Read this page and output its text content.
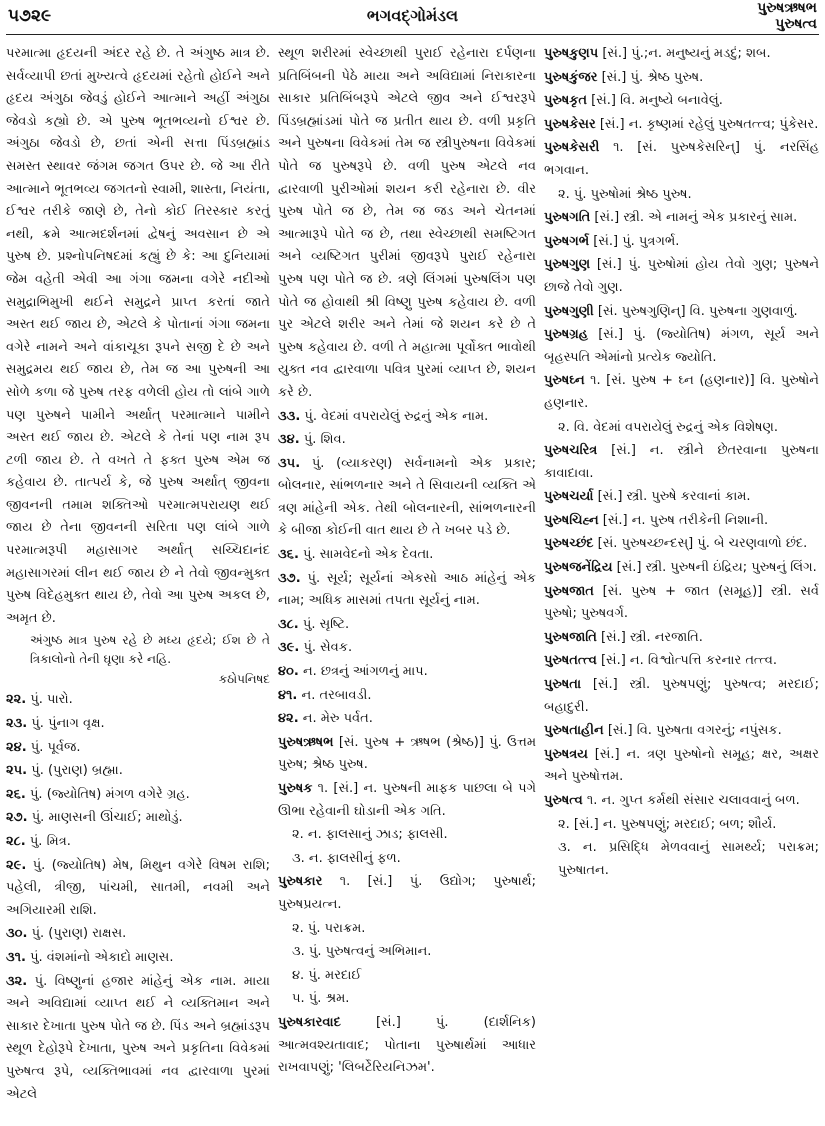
૫૭૨૯	ભગવદ્‌ગોમંડલ	પુરુષઋષભ
પુરુષત્વ
પરમાત્મા હૃદયની અંદર રહે છે. તે અંગુષ્ઠ માત્ર છે. સર્વવ્યાપી છતાં મુખ્યત્વે હૃદયમાં રહેતો હોઈને અને હૃદય અંગુઠા જેવડું હોઈને આત્માને અહીં અંગુઠા જેવડો કહ્યો છે. એ પુરુષ ભૂતભવ્યનો ઈશ્વર છે. અંગુઠા જેવડો છે, છતાં એની સત્તા પિંડબ્રહ્માંડ સમસ્ત સ્થાવર જંગમ જગત ઉપર છે. જે આ રીતે આત્માને ભૂતભવ્ય જગતનો સ્વામી, શાસ્તા, નિયંતા, ઈશ્વર તરીકે જાણે છે, તેનો કોઈ તિરસ્કાર કરતું નથી, ક્રમે આત્મદર્શનમાં દ્વેષનું અવસાન છે એ પુરુષ છે. પ્રશ્નોપનિષદમાં કહ્યું છે કે: આ દુનિયામાં જેમ વહેતી એવી આ ગંગા જમના વગેરે નદીઓ સમુદ્રાભિમુખી થઈને સમુદ્રને પ્રાપ્ત કરતાં જાતે અસ્ત થઈ જાય છે, એટલે કે પોતાનાં ગંગા જમના વગેરે નામને અને વાંકાચૂકા રૂપને સજી દે છે અને સમુદ્રમય થઈ જાય છે, તેમ જ આ પુરુષની આ સોળે કળા જે પુરુષ તરફ વળેલી હોય તો લાંબે ગાળે પણ પુરુષને પામીને અર્થાત્ પરમાત્માને પામીને અસ્ત થઈ જાય છે. એટલે કે તેનાં પણ નામ રૂપ ટળી જાય છે. તે વખતે તે ફક્ત પુરુષ એમ જ કહેવાય છે. તાત્પર્ય કે, જે પુરુષ અર્થાત્ જીવના જીવનની તમામ શક્તિઓ પરમાત્મપરાયણ થઈ જાય છે તેના જીવનની સરિતા પણ લાંબે ગાળે પરમાત્મરૂપી મહાસાગર અર્થાત્ સચ્ચિદાનંદ મહાસાગરમાં લીન થઈ જાય છે ને તેવો જીવન્મુક્ત પુરુષ વિદેહમુક્ત થાય છે, તેવો આ પુરુષ અકલ છે, અમૃત છે.
અંગુષ્ઠ માત્ર પુરુષ રહે છે મધ્ય હૃદયે; ઈશ છે તે ત્રિકાલોનો તેની ઘૃણા કરે નહિ.
કઠોપનિષદ
૨૨. પું. પારો.
૨૩. પું. પુંનાગ વૃક્ષ.
૨૪. પું. પૂર્વજ.
૨૫. પું. (પુરાણ) બ્રહ્મા.
૨૬. પું. (જ્યોતિષ) મંગળ વગેરે ગ્રહ.
૨૭. પું. માણસની ઊંચાઈ; માથોડું.
૨૮. પું. મિત્ર.
૨૯. પું. (જ્યોતિષ) મેષ, મિથુન વગેરે વિષમ રાશિ; પહેલી, ત્રીજી, પાંચમી, સાતમી, નવમી અને અગિયારમી રાશિ.
૩૦. પું. (પુરાણ) રાક્ષસ.
૩૧. પું. વંશમાંનો એકાદો માણસ.
૩૨. પું. વિષ્ણુનાં હજાર માંહેનું એક નામ. માયા અને અવિદ્યામાં વ્યાપ્ત થઈ ને વ્યક્તિમાન અને સાકાર દેખાતા પુરુષ પોતે જ છે. પિંડ અને બ્રહ્માંડરૂપ સ્થૂળ દેહોરૂપે દેખાતા, પુરુષ અને પ્રકૃતિના વિવેકમાં પુરુષત્વ રૂપે, વ્યક્તિભાવમાં નવ દ્વારવાળા પુરમાં એટલે
સ્થૂળ શરીરમાં સ્વેચ્છાથી પુરાઈ રહેનારા દર્પણના પ્રતિબિંબની પેઠે માયા અને અવિદ્યામાં નિરાકારના સાકાર પ્રતિબિંબરૂપે એટલે જીવ અને ઈશ્વરરૂપે પિંડબ્રહ્માંડમાં પોતે જ પ્રતીત થાય છે. વળી પ્રકૃતિ અને પુરુષના વિવેકમાં તેમ જ સ્ત્રીપુરુષના વિવેકમાં પોતે જ પુરુષરૂપે છે. વળી પુરુષ એટલે નવ દ્વારવાળી પુરીઓમાં શયન કરી રહેનારા છે. વીર પુરુષ પોતે જ છે, તેમ જ જડ અને ચેતનમાં આત્મારૂપે પોતે જ છે, તથા સ્વેચ્છાથી સમષ્ટિગત અને વ્યષ્ટિગત પુરીમાં જીવરૂપે પુરાઈ રહેનારા પુરુષ પણ પોતે જ છે. ત્રણે લિંગમાં પુરુષલિંગ પણ પોતે જ હોવાથી શ્રી વિષ્ણુ પુરુષ કહેવાય છે. વળી પુર એટલે શરીર અને તેમાં જે શયન કરે છે તે પુરુષ કહેવાય છે. વળી તે મહાત્મા પૂર્વોક્ત ભાવોથી યુક્ત નવ દ્વારવાળા પવિત્ર પુરમાં વ્યાપ્ત છે, શયન કરે છે.
૩૩. પું. વેદમાં વપરાયેલું રુદ્રનું એક નામ.
૩૪. પું. શિવ.
૩૫. પું. (વ્યાકરણ) સર્વનામનો એક પ્રકાર; બોલનાર, સાંભળનાર અને તે સિવાયની વ્યક્તિ એ ત્રણ માંહેની એક. તેથી બોલનારની, સાંભળનારની કે બીજા કોઈની વાત થાય છે તે ખબર પડે છે.
૩૬. પું. સામવેદનો એક દેવતા.
૩૭. પું. સૂર્ય; સૂર્યનાં એકસો આઠ માંહેનું એક નામ; અધિક માસમાં તપતા સૂર્યનું નામ.
૩૮. પું. સૃષ્ટિ.
૩૯. પું. સેવક.
૪૦. ન. છત્રનું આંગળનું માપ.
૪૧. ન. તરબાવડી.
૪૨. ન. મેરુ પર્વત.
પુરુષઋષભ [સં. પુરુષ + ઋષભ (શ્રેષ્ઠ)] પું. ઉત્તમ પુરુષ; શ્રેષ્ઠ પુરુષ.
પુરુષક ૧. [સં.] ન. પુરુષની માફક પાછલા બે પગે ઊભા રહેવાની ઘોડાની એક ગતિ.
૨. ન. ફાલસાનું ઝાડ; ફાલસી.
૩. ન. ફાલસીનું ફળ.
પુરુષકાર ૧. [સં.] પું. ઉદ્યોગ; પુરુષાર્થ; પુરુષપ્રયત્ન.
૨. પું. પરાક્રમ.
૩. પું. પુરુષત્વનું અભિમાન.
૪. પું. મરદાઈ
૫. પું. શ્રમ.
પુરુષકારવાદ	[સં.] પું. (દાર્શનિક) આત્મવશ્યતાવાદ; પોતાના પુરુષાર્થમાં આધાર રાખવાપણું; 'લિબર્ટેરિયનિઝમ'.
પુરુષકુણપ [સં.] પું.;ન. મનુષ્યનું મડદું; શબ.
પુરુષકુંજર [સં.] પું. શ્રેષ્ઠ પુરુષ.
પુરુષકૃત [સં.] વિ. મનુષ્યે બનાવેલું.
પુરુષકેસર [સં.] ન. કૃષ્ણમાં રહેલું પુરુષતત્ત્વ; પુંકેસર.
પુરુષકેસરી ૧. [સં. પુરુષકેસરિન્] પું. નરસિંહ ભગવાન.
૨. પું. પુરુષોમાં શ્રેષ્ઠ પુરુષ.
પુરુષગતિ [સં.] સ્ત્રી. એ નામનું એક પ્રકારનું સામ.
પુરુષગર્ભ [સં.] પું. પુત્રગર્ભ.
પુરુષગુણ [સં.] પું. પુરુષોમાં હોય તેવો ગુણ; પુરુષને છાજે તેવો ગુણ.
પુરુષગુણી [સં. પુરુષગુણિન્] વિ. પુરુષના ગુણવાળું.
પુરુષગ્રહ [સં.] પું. (જ્યોતિષ) મંગળ, સૂર્ય અને બૃહસ્પતિ એમાંનો પ્રત્યેક જ્યોતિ.
પુરુષઘ્ન ૧. [સં. પુરુષ + ઘ્ન (હણનાર)] વિ. પુરુષોને હણનાર.
૨. વિ. વેદમાં વપરાયેલું રુદ્રનું એક વિશેષણ.
પુરુષચરિત્ર [સં.] ન. સ્ત્રીને છેતરવાના પુરુષના કાવાદાવા.
પુરુષચર્યા [સં.] સ્ત્રી. પુરુષે કરવાનાં કામ.
પુરુષચિહ્ન [સં.] ન. પુરુષ તરીકેની નિશાની.
પુરુષચ્છંદ [સં. પુરુષચ્છન્દસ્] પું. બે ચરણવાળો છંદ.
પુરુષજનેંદ્રિય [સં.] સ્ત્રી. પુરુષની ઇંદ્રિય; પુરુષનું લિંગ.
પુરુષજાત [સં. પુરુષ + જાત (સમૂહ)] સ્ત્રી. સર્વ પુરુષો; પુરુષવર્ગ.
પુરુષજાતિ [સં.] સ્ત્રી. નરજાતિ.
પુરુષતત્ત્વ [સં.] ન. વિશ્વોત્પત્તિ કરનાર તત્ત્વ.
પુરુષતા [સં.] સ્ત્રી. પુરુષપણું; પુરુષત્વ; મરદાઈ; બહાદુરી.
પુરુષતાહીન [સં.] વિ. પુરુષતા વગરનું; નપુંસક.
પુરુષત્રય [સં.] ન. ત્રણ પુરુષોનો સમૂહ; ક્ષર, અક્ષર અને પુરુષોત્તમ.
પુરુષત્વ ૧. ન. ગુપ્ત કર્મથી સંસાર ચલાવવાનું બળ.
૨. [સં.] ન. પુરુષપણું; મરદાઈ; બળ; શૌર્ય.
૩. ન. પ્રસિદ્ધિ મેળવવાનું સામર્થ્ય; પરાક્રમ; પુરુષાતન.
